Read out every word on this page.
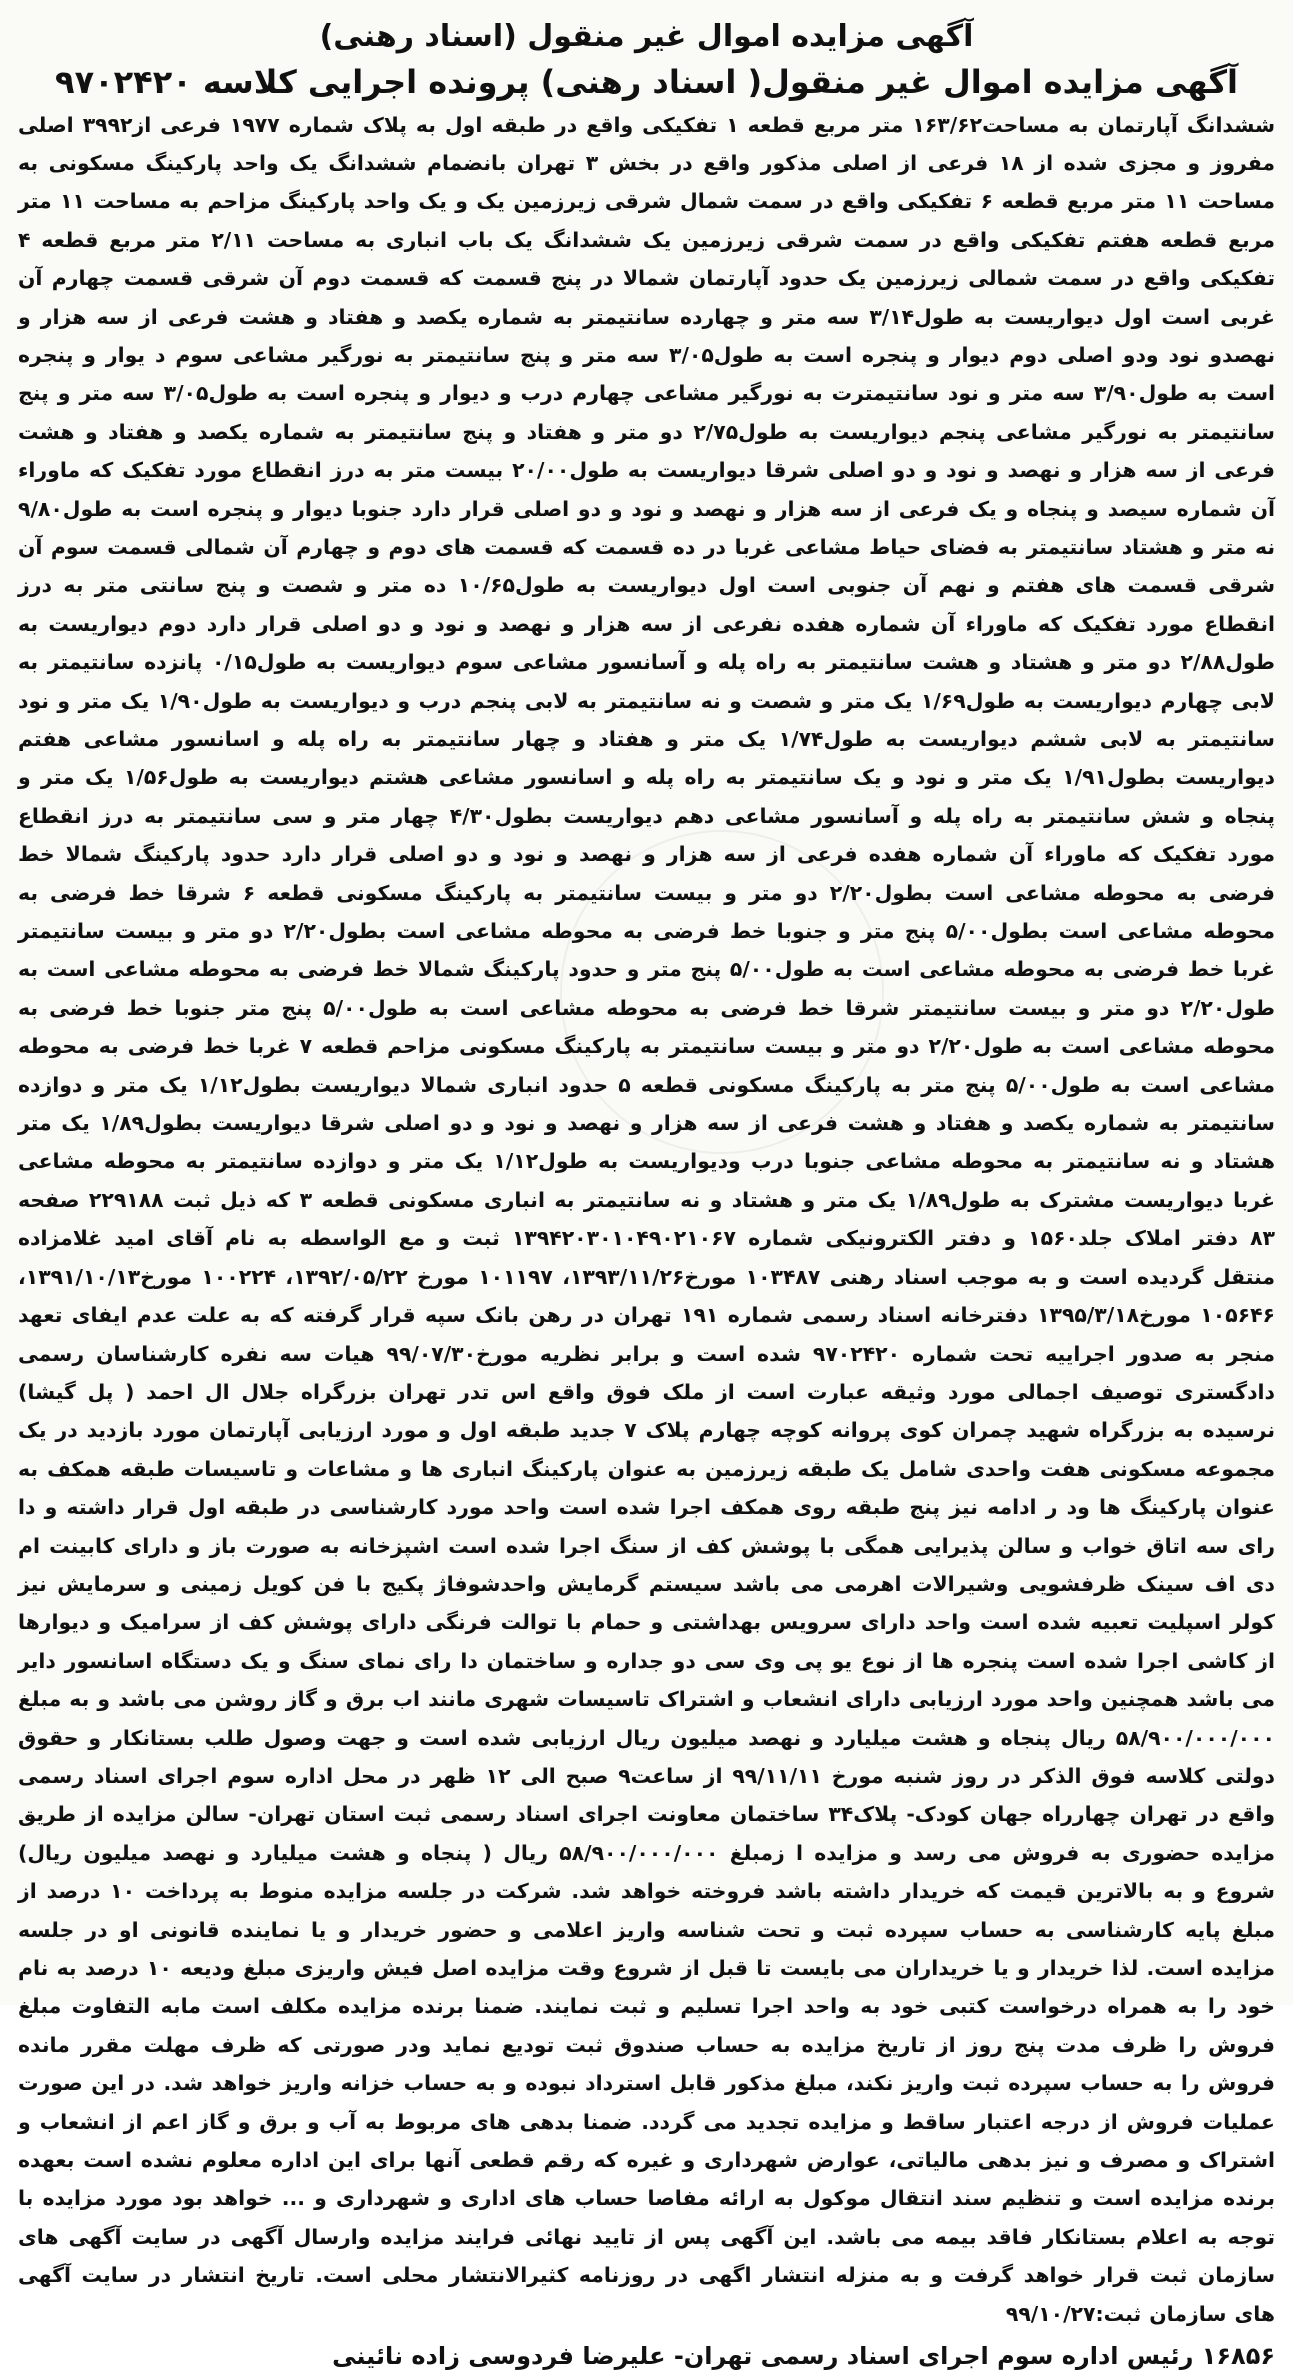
آگهی مزایده اموال غیر منقول (اسناد رهنی)
آگهی مزایده اموال غیر منقول( اسناد رهنی) پرونده اجرایی کلاسه ۹۷۰۲۴۲۰

ششدانگ آپارتمان به مساحت۱۶۳/۶۲ متر مربع قطعه ۱ تفکیکی واقع در طبقه اول به پلاک شماره ۱۹۷۷ فرعی از۳۹۹۲ اصلی مفروز و مجزی شده از ۱۸ فرعی از اصلی مذکور واقع در بخش ۳ تهران بانضمام ششدانگ یک واحد پارکینگ مسکونی به مساحت ۱۱ متر مربع قطعه ۶ تفکیکی واقع در سمت شمال شرقی زیرزمین یک و یک واحد پارکینگ مزاحم به مساحت ۱۱ متر مربع قطعه هفتم تفکیکی واقع در سمت شرقی زیرزمین یک ششدانگ یک باب انباری به مساحت ۲/۱۱ متر مربع قطعه ۴ تفکیکی واقع در سمت شمالی زیرزمین یک حدود آپارتمان شمالا در پنج قسمت که قسمت دوم آن شرقی قسمت چهارم آن غربی است اول دیواریست به طول۳/۱۴ سه متر و چهارده سانتیمتر به شماره یکصد و هفتاد و هشت فرعی از سه هزار و نهصدو نود ودو اصلی دوم دیوار و پنجره است به طول۳/۰۵ سه متر و پنج سانتیمتر به نورگیر مشاعی سوم د یوار و پنجره است به طول۳/۹۰ سه متر و نود سانتیمترت به نورگیر مشاعی چهارم درب و دیوار و پنجره است به طول۳/۰۵ سه متر و پنج سانتیمتر به نورگیر مشاعی پنجم دیواریست به طول۲/۷۵ دو متر و هفتاد و پنج سانتیمتر به شماره یکصد و هفتاد و هشت فرعی از سه هزار و نهصد و نود و دو اصلی شرقا دیواریست به طول۲۰/۰۰ بیست متر به درز انقطاع مورد تفکیک که ماوراء آن شماره سیصد و پنجاه و یک فرعی از سه هزار و نهصد و نود و دو اصلی قرار دارد جنوبا دیوار و پنجره است به طول۹/۸۰ نه متر و هشتاد سانتیمتر به فضای حیاط مشاعی غربا در ده قسمت که قسمت های دوم و چهارم آن شمالی قسمت سوم آن شرقی قسمت های هفتم و نهم آن جنوبی است اول دیواریست به طول۱۰/۶۵ ده متر و شصت و پنج سانتی متر به درز انقطاع مورد تفکیک که ماوراء آن شماره هفده نفرعی از سه هزار و نهصد و نود و دو اصلی قرار دارد دوم دیواریست به طول۲/۸۸ دو متر و هشتاد و هشت سانتیمتر به راه پله و آسانسور مشاعی سوم دیواریست به طول۰/۱۵ پانزده سانتیمتر به لابی چهارم دیواریست به طول۱/۶۹ یک متر و شصت و نه سانتیمتر به لابی پنجم درب و دیواریست به طول۱/۹۰ یک متر و نود سانتیمتر به لابی ششم دیواریست به طول۱/۷۴ یک متر و هفتاد و چهار سانتیمتر به راه پله و اسانسور مشاعی هفتم دیواریست بطول۱/۹۱ یک متر و نود و یک سانتیمتر به راه پله و اسانسور مشاعی هشتم دیواریست به طول۱/۵۶ یک متر و پنجاه و شش سانتیمتر به راه پله و آسانسور مشاعی دهم دیواریست بطول۴/۳۰ چهار متر و سی سانتیمتر به درز انقطاع مورد تفکیک که ماوراء آن شماره هفده فرعی از سه هزار و نهصد و نود و دو اصلی قرار دارد حدود پارکینگ شمالا خط فرضی به محوطه مشاعی است بطول۲/۲۰ دو متر و بیست سانتیمتر به پارکینگ مسکونی قطعه ۶ شرقا خط فرضی به محوطه مشاعی است بطول۵/۰۰ پنج متر و جنوبا خط فرضی به محوطه مشاعی است بطول۲/۲۰ دو متر و بیست سانتیمتر غربا خط فرضی به محوطه مشاعی است به طول۵/۰۰ پنج متر و حدود پارکینگ شمالا خط فرضی به محوطه مشاعی است به طول۲/۲۰ دو متر و بیست سانتیمتر شرقا خط فرضی به محوطه مشاعی است به طول۵/۰۰ پنج متر جنوبا خط فرضی به محوطه مشاعی است به طول۲/۲۰ دو متر و بیست سانتیمتر به پارکینگ مسکونی مزاحم قطعه ۷ غربا خط فرضی به محوطه مشاعی است به طول۵/۰۰ پنج متر به پارکینگ مسکونی قطعه ۵ حدود انباری شمالا دیواریست بطول۱/۱۲ یک متر و دوازده سانتیمتر به شماره یکصد و هفتاد و هشت فرعی از سه هزار و نهصد و نود و دو اصلی شرقا دیواریست بطول۱/۸۹ یک متر هشتاد و نه سانتیمتر به محوطه مشاعی جنوبا درب ودیواریست به طول۱/۱۲ یک متر و دوازده سانتیمتر به محوطه مشاعی غربا دیواریست مشترک به طول۱/۸۹ یک متر و هشتاد و نه سانتیمتر به انباری مسکونی قطعه ۳ که ذیل ثبت ۲۲۹۱۸۸ صفحه ۸۳ دفتر املاک جلد۱۵۶۰ و دفتر الکترونیکی شماره ۱۳۹۴۲۰۳۰۱۰۴۹۰۲۱۰۶۷ ثبت و مع الواسطه به نام آقای امید غلامزاده منتقل گردیده است و به موجب اسناد رهنی ۱۰۳۴۸۷ مورخ۱۳۹۳/۱۱/۲۶، ۱۰۱۱۹۷ مورخ ۱۳۹۲/۰۵/۲۲، ۱۰۰۲۲۴ مورخ۱۳۹۱/۱۰/۱۳، ۱۰۵۶۴۶ مورخ۱۳۹۵/۳/۱۸ دفترخانه اسناد رسمی شماره ۱۹۱ تهران در رهن بانک سپه قرار گرفته که به علت عدم ایفای تعهد منجر به صدور اجراییه تحت شماره ۹۷۰۲۴۲۰ شده است و برابر نظریه مورخ۹۹/۰۷/۳۰ هیات سه نفره کارشناسان رسمی دادگستری توصیف اجمالی مورد وثیقه عبارت است از ملک فوق واقع اس تدر تهران بزرگراه جلال ال احمد ( پل گیشا) نرسیده به بزرگراه شهید چمران کوی پروانه کوچه چهارم پلاک ۷ جدید طبقه اول و مورد ارزیابی آپارتمان مورد بازدید در یک مجموعه مسکونی هفت واحدی شامل یک طبقه زیرزمین به عنوان پارکینگ انباری ها و مشاعات و تاسیسات طبقه همکف به عنوان پارکینگ ها ود ر ادامه نیز پنج طبقه روی همکف اجرا شده است واحد مورد کارشناسی در طبقه اول قرار داشته و دا رای سه اتاق خواب و سالن پذیرایی همگی با پوشش کف از سنگ اجرا شده است اشپزخانه به صورت باز و دارای کابینت ام دی اف سینک ظرفشویی وشیرالات اهرمی می باشد سیستم گرمایش واحدشوفاژ پکیج با فن کویل زمینی و سرمایش نیز کولر اسپلیت تعبیه شده است واحد دارای سرویس بهداشتی و حمام با توالت فرنگی دارای پوشش کف از سرامیک و دیوارها از کاشی اجرا شده است پنجره ها از نوع یو پی وی سی دو جداره و ساختمان دا رای نمای سنگ و یک دستگاه اسانسور دایر می باشد همچنین واحد مورد ارزیابی دارای انشعاب و اشتراک تاسیسات شهری مانند اب برق و گاز روشن می باشد و به مبلغ ۵۸/۹۰۰/۰۰۰/۰۰۰ ریال پنجاه و هشت میلیارد و نهصد میلیون ریال ارزیابی شده است و جهت وصول طلب بستانکار و حقوق دولتی کلاسه فوق الذکر در روز شنبه مورخ ۹۹/۱۱/۱۱ از ساعت۹ صبح الی ۱۲ ظهر در محل اداره سوم اجرای اسناد رسمی واقع در تهران چهارراه جهان کودک- پلاک۳۴ ساختمان معاونت اجرای اسناد رسمی ثبت استان تهران- سالن مزایده از طریق مزایده حضوری به فروش می رسد و مزایده ا زمبلغ ۵۸/۹۰۰/۰۰۰/۰۰۰ ریال ( پنجاه و هشت میلیارد و نهصد میلیون ریال) شروع و به بالاترین قیمت که خریدار داشته باشد فروخته خواهد شد. شرکت در جلسه مزایده منوط به پرداخت ۱۰ درصد از مبلغ پایه کارشناسی به حساب سپرده ثبت و تحت شناسه واریز اعلامی و حضور خریدار و یا نماینده قانونی او در جلسه مزایده است. لذا خریدار و یا خریداران می بایست تا قبل از شروع وقت مزایده اصل فیش واریزی مبلغ ودیعه ۱۰ درصد به نام خود را به همراه درخواست کتبی خود به واحد اجرا تسلیم و ثبت نمایند. ضمنا برنده مزایده مکلف است مابه التفاوت مبلغ فروش را ظرف مدت پنج روز از تاریخ مزایده به حساب صندوق ثبت تودیع نماید ودر صورتی که ظرف مهلت مقرر مانده فروش را به حساب سپرده ثبت واریز نکند، مبلغ مذکور قابل استرداد نبوده و به حساب خزانه واریز خواهد شد. در این صورت عملیات فروش از درجه اعتبار ساقط و مزایده تجدید می گردد. ضمنا بدهی های مربوط به آب و برق و گاز اعم از انشعاب و اشتراک و مصرف و نیز بدهی مالیاتی، عوارض شهرداری و غیره که رقم قطعی آنها برای این اداره معلوم نشده است بعهده برنده مزایده است و تنظیم سند انتقال موکول به ارائه مفاصا حساب های اداری و شهرداری و ... خواهد بود مورد مزایده با توجه به اعلام بستانکار فاقد بیمه می باشد. این آگهی پس از تایید نهائی فرایند مزایده وارسال آگهی در سایت آگهی های سازمان ثبت قرار خواهد گرفت و به منزله انتشار اگهی در روزنامه کثیرالانتشار محلی است. تاریخ انتشار در سایت آگهی های سازمان ثبت:۹۹/۱۰/۲۷

۱۶۸۵۶ رئیس اداره سوم اجرای اسناد رسمی تهران- علیرضا فردوسی زاده نائینی
